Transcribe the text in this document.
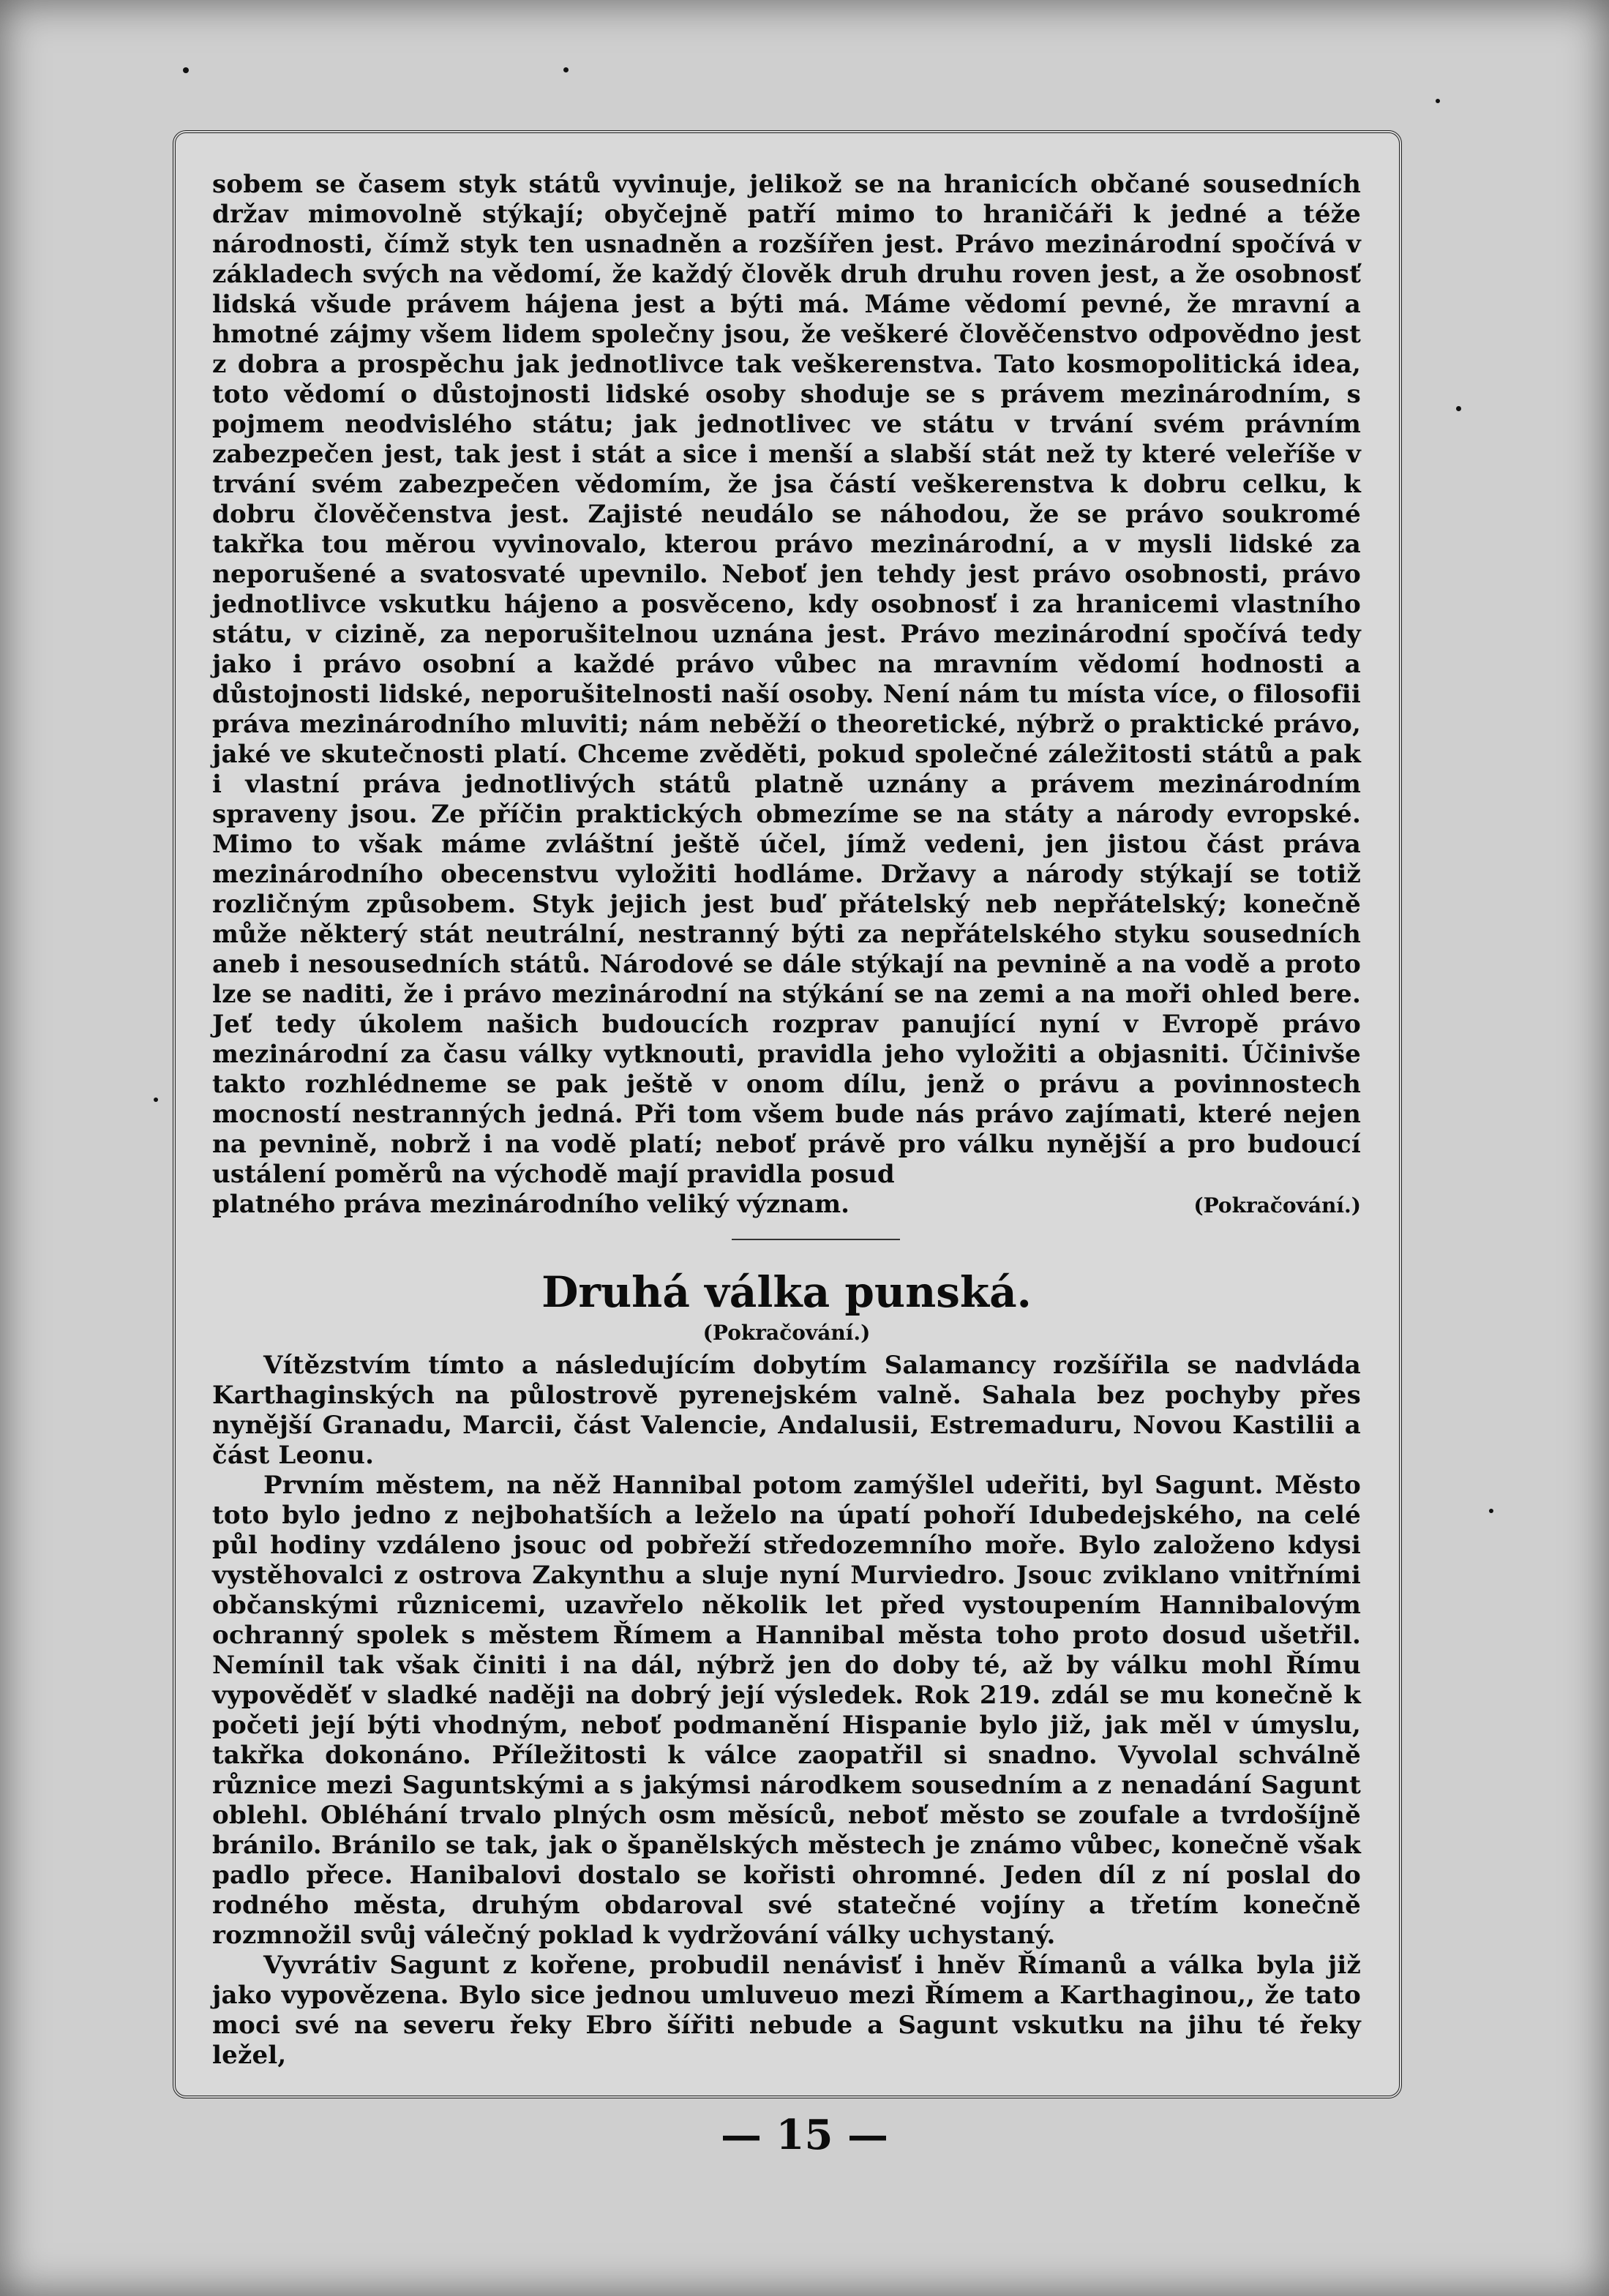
sobem se časem styk států vyvinuje, jelikož se na hranicích občané sousedních držav mimovolně stýkají; obyčejně patří mimo to hraničáři k jedné a téže národnosti, čímž styk ten usnadněn a rozšířen jest. Právo mezinárodní spočívá v základech svých na vědomí, že každý člověk druh druhu roven jest, a že osobnosť lidská všude právem hájena jest a býti má. Máme vědomí pevné, že mravní a hmotné zájmy všem lidem společny jsou, že veškeré člověčenstvo odpovědno jest z dobra a prospěchu jak jednotlivce tak veškerenstva. Tato kosmopolitická idea, toto vědomí o důstojnosti lidské osoby shoduje se s právem mezinárodním, s pojmem neodvislého státu; jak jednotlivec ve státu v trvání svém právním zabezpečen jest, tak jest i stát a sice i menší a slabší stát než ty které veleříše v trvání svém zabezpečen vědomím, že jsa částí veškerenstva k dobru celku, k dobru člověčenstva jest. Zajisté neudálo se náhodou, že se právo soukromé takřka tou měrou vyvinovalo, kterou právo mezinárodní, a v mysli lidské za neporušené a svatosvaté upevnilo. Neboť jen tehdy jest právo osobnosti, právo jednotlivce vskutku hájeno a posvěceno, kdy osobnosť i za hranicemi vlastního státu, v cizině, za neporušitelnou uznána jest. Právo mezinárodní spočívá tedy jako i právo osobní a každé právo vůbec na mravním vědomí hodnosti a důstojnosti lidské, neporušitelnosti naší osoby. Není nám tu místa více, o filosofii práva mezinárodního mluviti; nám neběží o theoretické, nýbrž o praktické právo, jaké ve skutečnosti platí. Chceme zvěděti, pokud společné záležitosti států a pak i vlastní práva jednotlivých států platně uznány a právem mezinárodním spraveny jsou. Ze příčin praktických obmezíme se na státy a národy evropské. Mimo to však máme zvláštní ještě účel, jímž vedeni, jen jistou část práva mezinárodního obecenstvu vyložiti hodláme. Državy a národy stýkají se totiž rozličným způsobem. Styk jejich jest buď přátelský neb nepřátelský; konečně může některý stát neutrální, nestranný býti za nepřátelského styku sousedních aneb i nesousedních států. Národové se dále stýkají na pevnině a na vodě a proto lze se naditi, že i právo mezinárodní na stýkání se na zemi a na moři ohled bere. Jeť tedy úkolem našich budoucích rozprav panující nyní v Evropě právo mezinárodní za času války vytknouti, pravidla jeho vyložiti a objasniti. Účinivše takto rozhlédneme se pak ještě v onom dílu, jenž o právu a povinnostech mocností nestranných jedná. Při tom všem bude nás právo zajímati, které nejen na pevnině, nobrž i na vodě platí; neboť právě pro válku nynější a pro budoucí ustálení poměrů na východě mají pravidla posud

platného práva mezinárodního veliký význam.	(Pokračování.)
Druhá válka punská.
(Pokračování.)

Vítězstvím tímto a následujícím dobytím Salamancy rozšířila se nadvláda Karthaginských na půlostrově pyrenejském valně. Sahala bez pochyby přes nynější Granadu, Marcii, část Valencie, Andalusii, Estremaduru, Novou Kastilii a část Leonu.

Prvním městem, na něž Hannibal potom zamýšlel udeřiti, byl Sagunt. Město toto bylo jedno z nejbohatších a leželo na úpatí pohoří Idubedejského, na celé půl hodiny vzdáleno jsouc od pobřeží středozemního moře. Bylo založeno kdysi vystěhovalci z ostrova Zakynthu a sluje nyní Murviedro. Jsouc zviklano vnitřními občanskými různicemi, uzavřelo několik let před vystoupením Hannibalovým ochranný spolek s městem Římem a Hannibal města toho proto dosud ušetřil. Nemínil tak však činiti i na dál, nýbrž jen do doby té, až by válku mohl Římu vypověděť v sladké naději na dobrý její výsledek. Rok 219. zdál se mu konečně k početi její býti vhodným, neboť podmanění Hispanie bylo již, jak měl v úmyslu, takřka dokonáno. Příležitosti k válce zaopatřil si snadno. Vyvolal schválně různice mezi Saguntskými a s jakýmsi národkem sousedním a z nenadání Sagunt oblehl. Obléhání trvalo plných osm měsíců, neboť město se zoufale a tvrdošíjně bránilo. Bránilo se tak, jak o španělských městech je známo vůbec, konečně však padlo přece. Hanibalovi dostalo se kořisti ohromné. Jeden díl z ní poslal do rodného města, druhým obdaroval své statečné vojíny a třetím konečně rozmnožil svůj válečný poklad k vydržování války uchystaný.

Vyvrátiv Sagunt z kořene, probudil nenávisť i hněv Římanů a válka byla již jako vypovězena. Bylo sice jednou umluveuo mezi Římem a Karthaginou,, že tato moci své na severu řeky Ebro šířiti nebude a Sagunt vskutku na jihu té řeky ležel,

— 15 —
